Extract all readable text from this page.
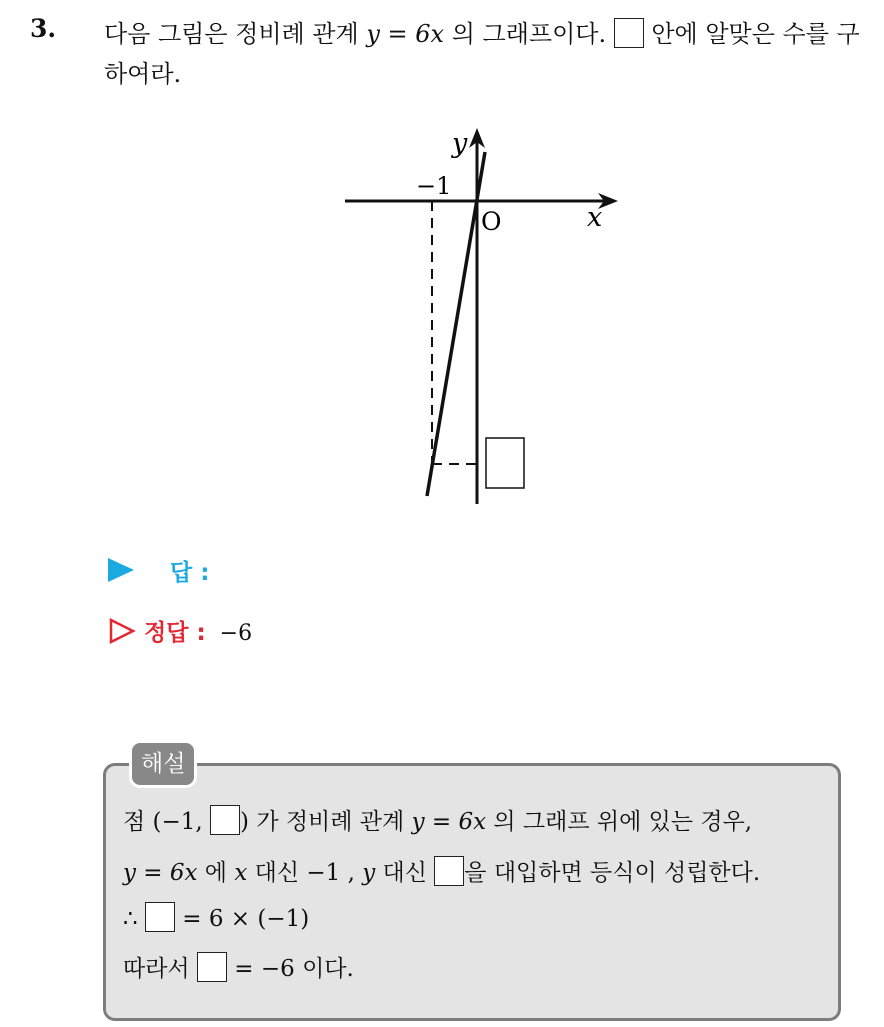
3. 다음 그림은 정비례 관계 y = 6x 의 그래프이다.  안에 알맞은 수를 구하여라.
y
−1
O	x
답 :
정답 : −6
해설
점 (−1, ) 가 정비례 관계 y = 6x 의 그래프 위에 있는 경우,
y = 6x 에 x 대신 −1 , y 대신 을 대입하면 등식이 성립한다.
∴  = 6 × (−1)
따라서  = −6 이다.
